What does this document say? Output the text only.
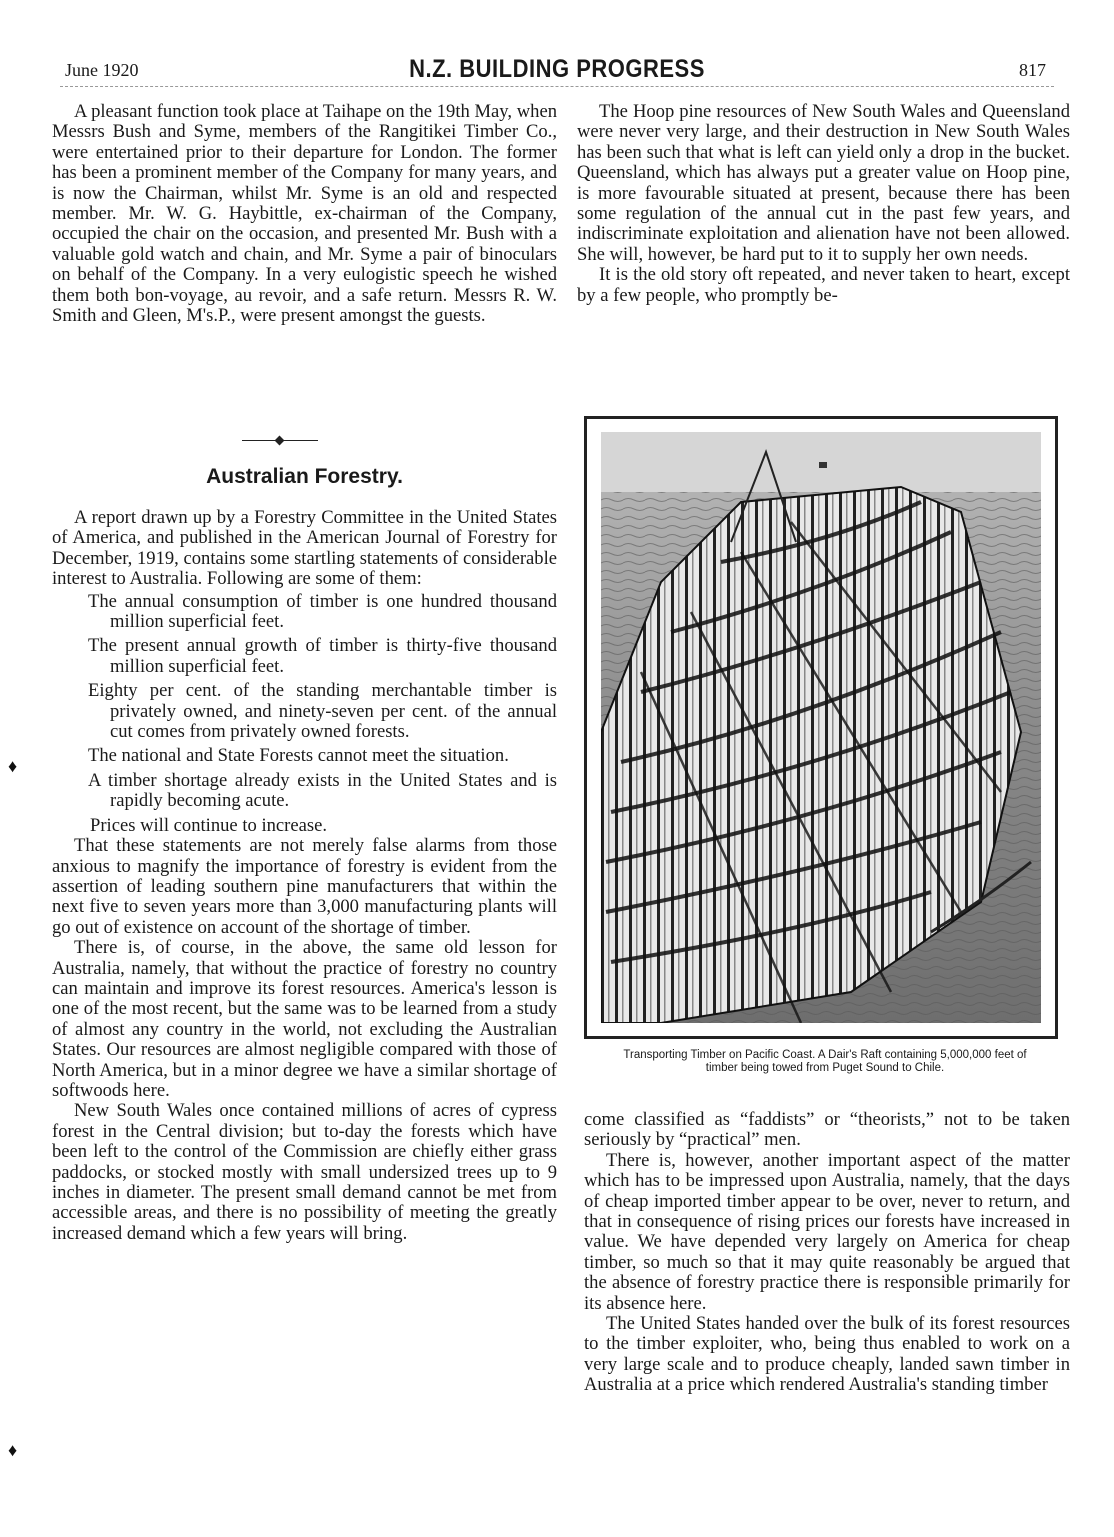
June 1920	N.Z. BUILDING PROGRESS	817

A pleasant function took place at Taihape on the 19th May, when Messrs Bush and Syme, members of the Rangitikei Timber Co., were entertained prior to their departure for London. The former has been a prominent member of the Company for many years, and is now the Chairman, whilst Mr. Syme is an old and respected member. Mr. W. G. Haybittle, ex-chairman of the Company, occupied the chair on the occasion, and presented Mr. Bush with a valuable gold watch and chain, and Mr. Syme a pair of binoculars on behalf of the Company. In a very eulogistic speech he wished them both bon-voyage, au revoir, and a safe return. Messrs R. W. Smith and Gleen, M's.P., were present amongst the guests.

Australian Forestry.

A report drawn up by a Forestry Committee in the United States of America, and published in the American Journal of Forestry for December, 1919, contains some startling statements of considerable interest to Australia. Following are some of them:

The annual consumption of timber is one hundred thousand million superficial feet.
The present annual growth of timber is thirty-five thousand million superficial feet.
Eighty per cent. of the standing merchantable timber is privately owned, and ninety-seven per cent. of the annual cut comes from privately owned forests.
The national and State Forests cannot meet the situation.
A timber shortage already exists in the United States and is rapidly becoming acute.

Prices will continue to increase.

That these statements are not merely false alarms from those anxious to magnify the importance of forestry is evident from the assertion of leading southern pine manufacturers that within the next five to seven years more than 3,000 manufacturing plants will go out of existence on account of the shortage of timber.

There is, of course, in the above, the same old lesson for Australia, namely, that without the practice of forestry no country can maintain and improve its forest resources. America's lesson is one of the most recent, but the same was to be learned from a study of almost any country in the world, not excluding the Australian States. Our resources are almost negligible compared with those of North America, but in a minor degree we have a similar shortage of softwoods here.

New South Wales once contained millions of acres of cypress forest in the Central division; but to-day the forests which have been left to the control of the Commission are chiefly either grass paddocks, or stocked mostly with small undersized trees up to 9 inches in diameter. The present small demand cannot be met from accessible areas, and there is no possibility of meeting the greatly increased demand which a few years will bring.

The Hoop pine resources of New South Wales and Queensland were never very large, and their destruction in New South Wales has been such that what is left can yield only a drop in the bucket. Queensland, which has always put a greater value on Hoop pine, is more favourable situated at present, because there has been some regulation of the annual cut in the past few years, and indiscriminate exploitation and alienation have not been allowed. She will, however, be hard put to it to supply her own needs.

It is the old story oft repeated, and never taken to heart, except by a few people, who promptly be-

Transporting Timber on Pacific Coast. A Dair's Raft containing 5,000,000 feet of timber being towed from Puget Sound to Chile.

come classified as “faddists” or “theorists,” not to be taken seriously by “practical” men.

There is, however, another important aspect of the matter which has to be impressed upon Australia, namely, that the days of cheap imported timber appear to be over, never to return, and that in consequence of rising prices our forests have increased in value. We have depended very largely on America for cheap timber, so much so that it may quite reasonably be argued that the absence of forestry practice there is responsible primarily for its absence here.

The United States handed over the bulk of its forest resources to the timber exploiter, who, being thus enabled to work on a very large scale and to produce cheaply, landed sawn timber in Australia at a price which rendered Australia's standing timber

♦
♦
